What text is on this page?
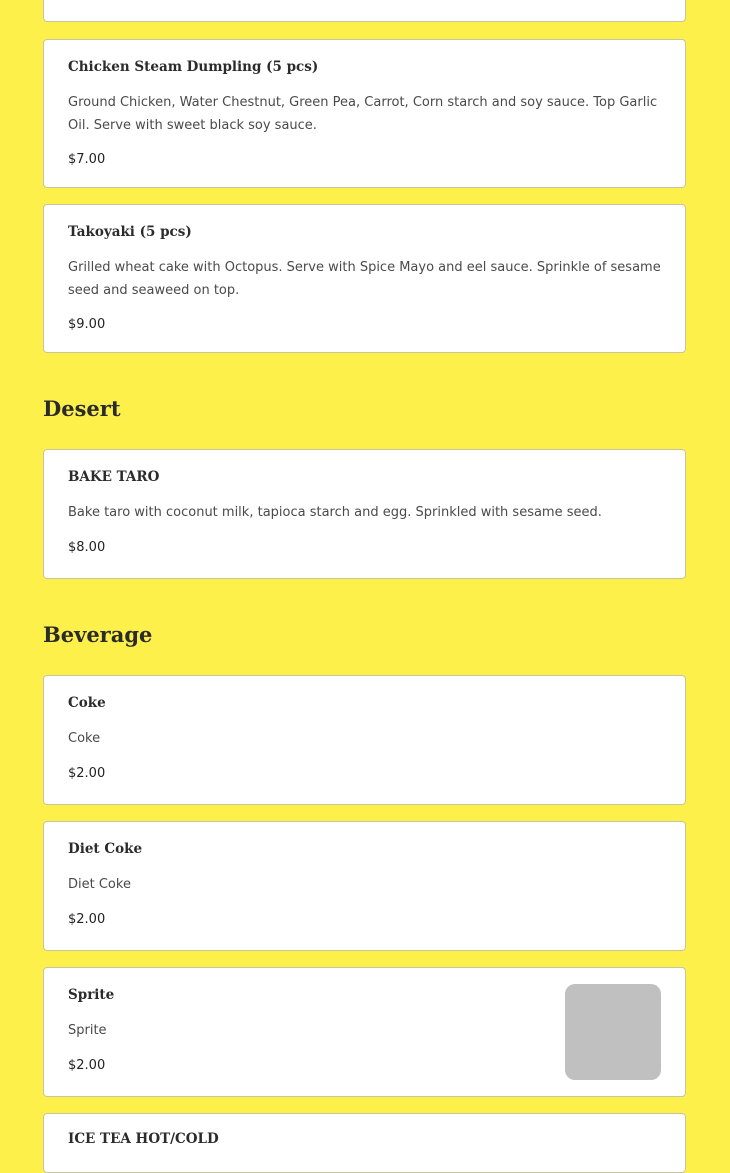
Chicken Steam Dumpling (5 pcs)
Ground Chicken, Water Chestnut, Green Pea, Carrot, Corn starch and soy sauce. Top Garlic Oil. Serve with sweet black soy sauce.
$7.00
Takoyaki (5 pcs)
Grilled wheat cake with Octopus. Serve with Spice Mayo and eel sauce. Sprinkle of sesame seed and seaweed on top.
$9.00
Desert
BAKE TARO
Bake taro with coconut milk, tapioca starch and egg. Sprinkled with sesame seed.
$8.00
Beverage
Coke
Coke
$2.00
Diet Coke
Diet Coke
$2.00
Sprite
Sprite
$2.00
ICE TEA HOT/COLD
